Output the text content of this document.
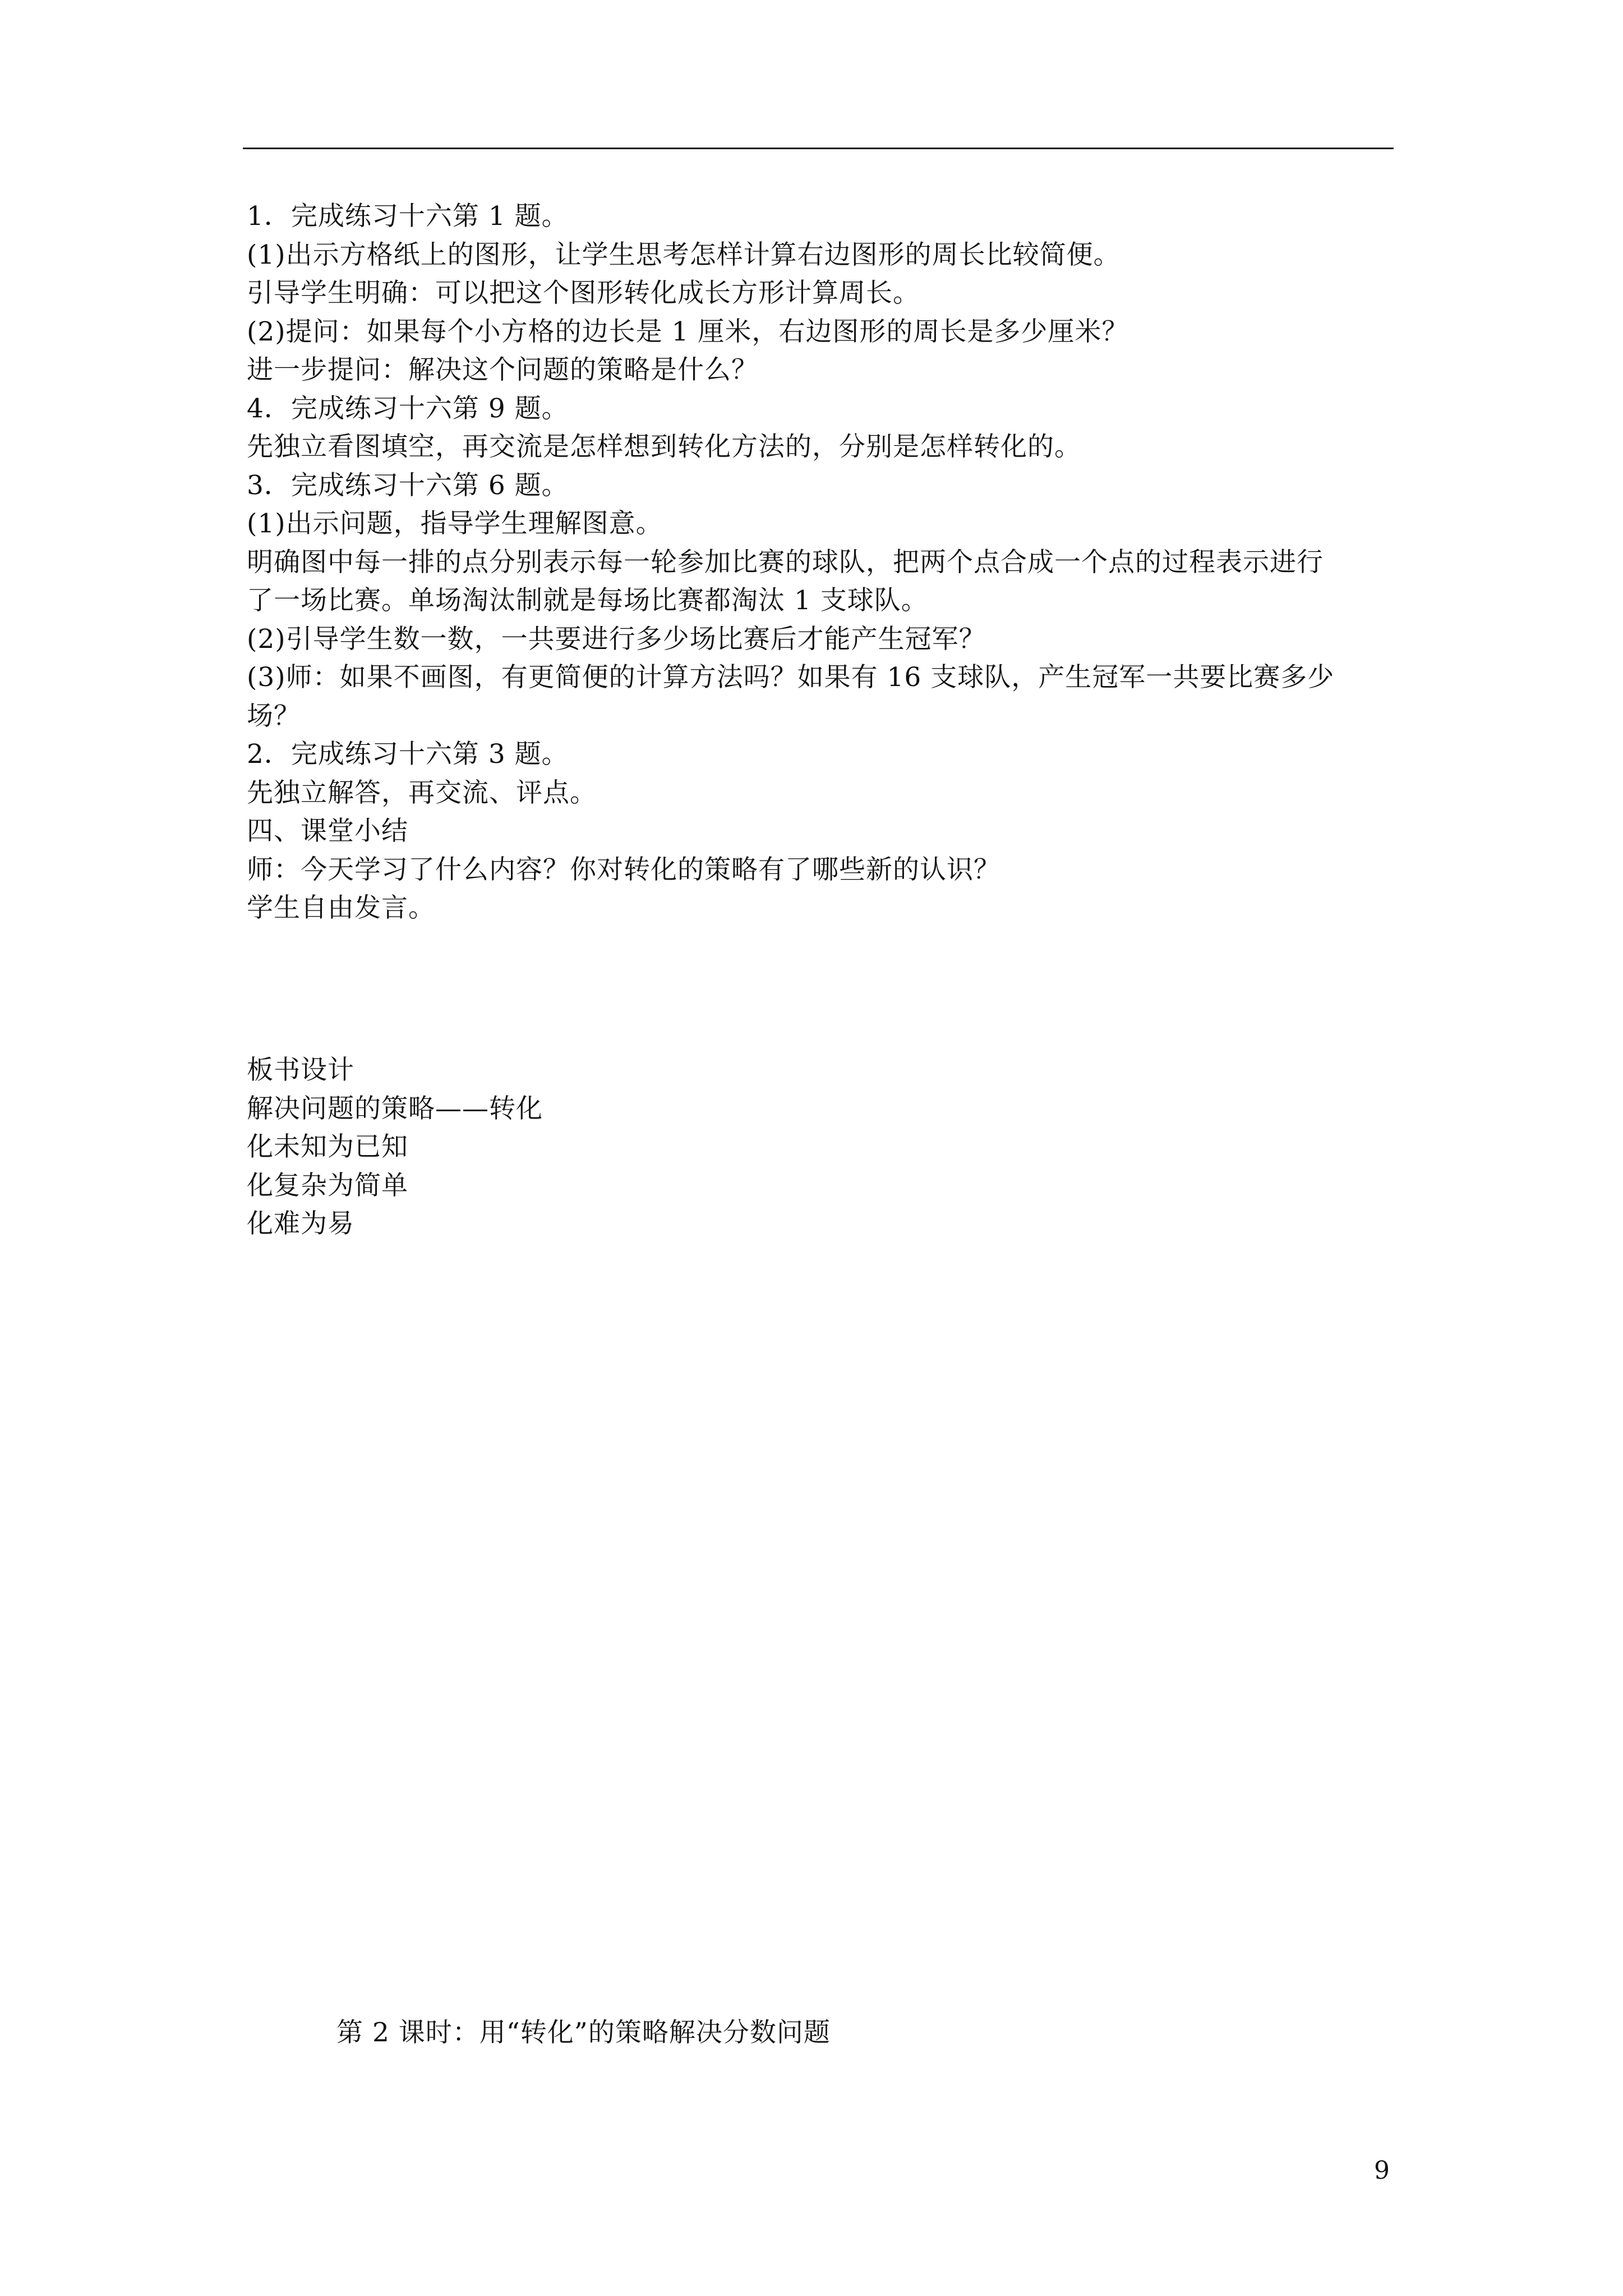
1．完成练习十六第 1 题。
(1)出示方格纸上的图形，让学生思考怎样计算右边图形的周长比较简便。
引导学生明确：可以把这个图形转化成长方形计算周长。
(2)提问：如果每个小方格的边长是 1 厘米，右边图形的周长是多少厘米？
进一步提问：解决这个问题的策略是什么？
4．完成练习十六第 9 题。
先独立看图填空，再交流是怎样想到转化方法的，分别是怎样转化的。
3．完成练习十六第 6 题。
(1)出示问题，指导学生理解图意。
明确图中每一排的点分别表示每一轮参加比赛的球队，把两个点合成一个点的过程表示进行
了一场比赛。单场淘汰制就是每场比赛都淘汰 1 支球队。
(2)引导学生数一数，一共要进行多少场比赛后才能产生冠军？
(3)师：如果不画图，有更简便的计算方法吗？如果有 16 支球队，产生冠军一共要比赛多少
场？
2．完成练习十六第 3 题。
先独立解答，再交流、评点。
四、课堂小结
师：今天学习了什么内容？你对转化的策略有了哪些新的认识？
学生自由发言。
板书设计
解决问题的策略——转化
化未知为已知
化复杂为简单
化难为易
第 2 课时：用“转化”的策略解决分数问题
9
